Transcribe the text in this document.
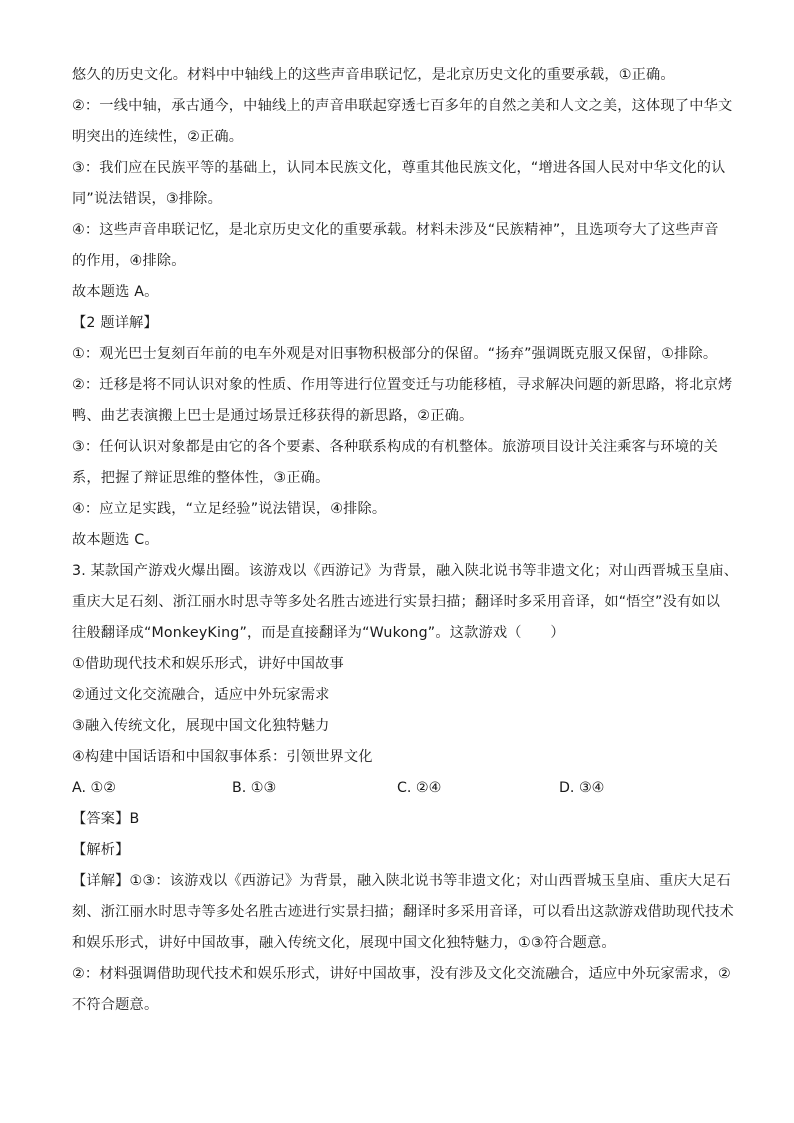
悠久的历史文化。材料中中轴线上的这些声音串联记忆，是北京历史文化的重要承载，①正确。
②：一线中轴，承古通今，中轴线上的声音串联起穿透七百多年的自然之美和人文之美，这体现了中华文
明突出的连续性，②正确。
③：我们应在民族平等的基础上，认同本民族文化，尊重其他民族文化，“增进各国人民对中华文化的认
同”说法错误，③排除。
④：这些声音串联记忆，是北京历史文化的重要承载。材料未涉及“民族精神”，且选项夸大了这些声音
的作用，④排除。
故本题选 A。
【2 题详解】
①：观光巴士复刻百年前的电车外观是对旧事物积极部分的保留。“扬弃”强调既克服又保留，①排除。
②：迁移是将不同认识对象的性质、作用等进行位置变迁与功能移植，寻求解决问题的新思路，将北京烤
鸭、曲艺表演搬上巴士是通过场景迁移获得的新思路，②正确。
③：任何认识对象都是由它的各个要素、各种联系构成的有机整体。旅游项目设计关注乘客与环境的关
系，把握了辩证思维的整体性，③正确。
④：应立足实践，“立足经验”说法错误，④排除。
故本题选 C。
3. 某款国产游戏火爆出圈。该游戏以《西游记》为背景，融入陕北说书等非遗文化；对山西晋城玉皇庙、
重庆大足石刻、浙江丽水时思寺等多处名胜古迹进行实景扫描；翻译时多采用音译，如“悟空”没有如以
往般翻译成“MonkeyKing”，而是直接翻译为“Wukong”。这款游戏（　　）
①借助现代技术和娱乐形式，讲好中国故事
②通过文化交流融合，适应中外玩家需求
③融入传统文化，展现中国文化独特魅力
④构建中国话语和中国叙事体系：引领世界文化
A. ①②	B. ①③	C. ②④	D. ③④
【答案】B
【解析】
【详解】①③：该游戏以《西游记》为背景，融入陕北说书等非遗文化；对山西晋城玉皇庙、重庆大足石
刻、浙江丽水时思寺等多处名胜古迹进行实景扫描；翻译时多采用音译，可以看出这款游戏借助现代技术
和娱乐形式，讲好中国故事，融入传统文化，展现中国文化独特魅力，①③符合题意。
②：材料强调借助现代技术和娱乐形式，讲好中国故事，没有涉及文化交流融合，适应中外玩家需求，②
不符合题意。
